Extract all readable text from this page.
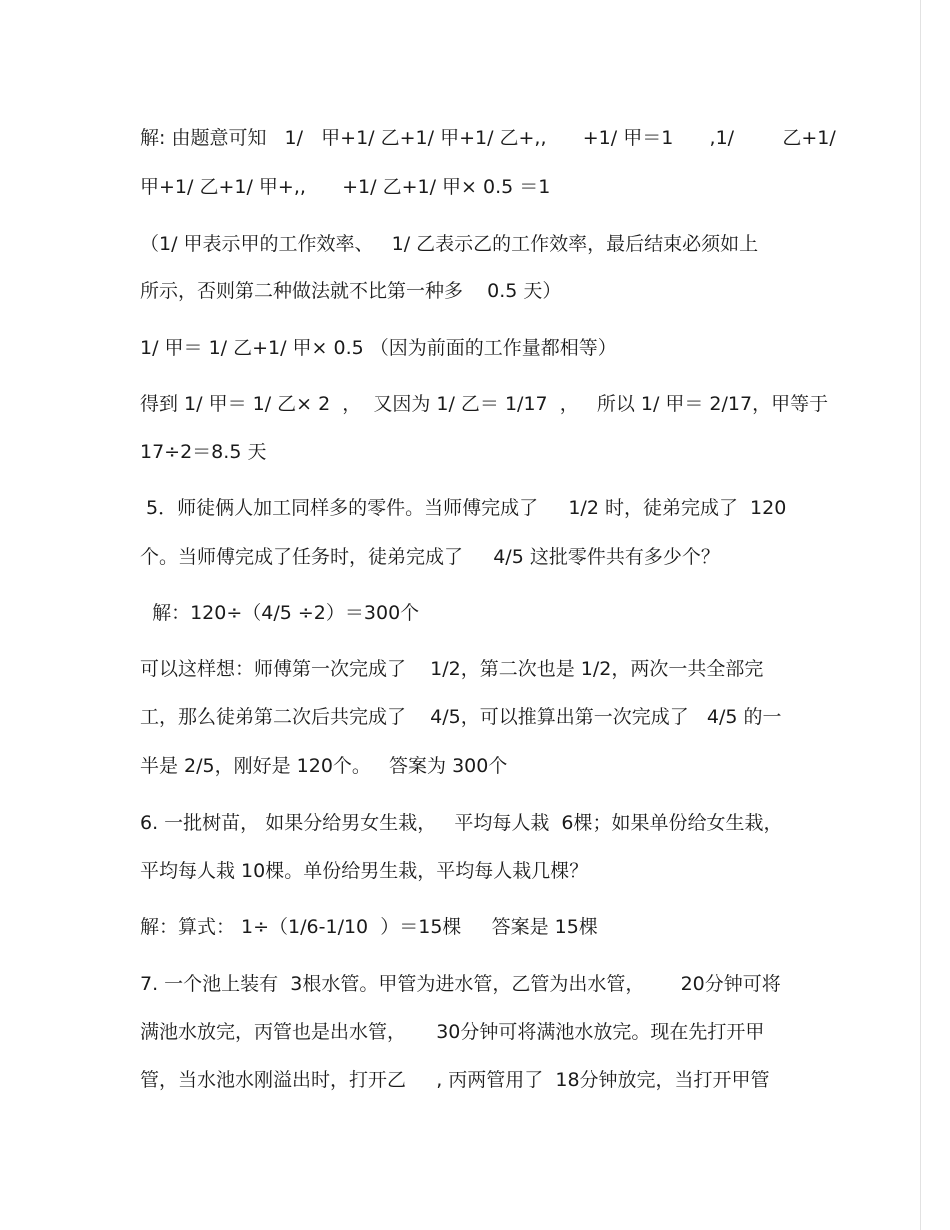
解: 由题意可知   1/   甲+1/ 乙+1/ 甲+1/ 乙+,,      +1/ 甲＝1      ,1/        乙+1/
甲+1/ 乙+1/ 甲+,,      +1/ 乙+1/ 甲× 0.5 ＝1
（1/ 甲表示甲的工作效率、   1/ 乙表示乙的工作效率，最后结束必须如上
所示，否则第二种做法就不比第一种多    0.5 天）
1/ 甲＝ 1/ 乙+1/ 甲× 0.5 （因为前面的工作量都相等）
得到 1/ 甲＝ 1/ 乙× 2  ，  又因为 1/ 乙＝ 1/17  ，   所以 1/ 甲＝ 2/17，甲等于
17÷2＝8.5 天
5．师徒俩人加工同样多的零件。当师傅完成了     1/2 时，徒弟完成了  120
个。当师傅完成了任务时，徒弟完成了     4/5 这批零件共有多少个？
解：120÷（4/5 ÷2）＝300个
可以这样想：师傅第一次完成了    1/2，第二次也是 1/2，两次一共全部完
工，那么徒弟第二次后共完成了    4/5，可以推算出第一次完成了   4/5 的一
半是 2/5，刚好是 120个。   答案为 300个
6. 一批树苗， 如果分给男女生栽，   平均每人栽  6棵；如果单份给女生栽，
平均每人栽 10棵。单份给男生栽，平均每人栽几棵？
解：算式： 1÷（1/6-1/10  ）＝15棵     答案是 15棵
7. 一个池上装有  3根水管。甲管为进水管，乙管为出水管，      20分钟可将
满池水放完，丙管也是出水管，     30分钟可将满池水放完。现在先打开甲
管，当水池水刚溢出时，打开乙     , 丙两管用了  18分钟放完，当打开甲管
